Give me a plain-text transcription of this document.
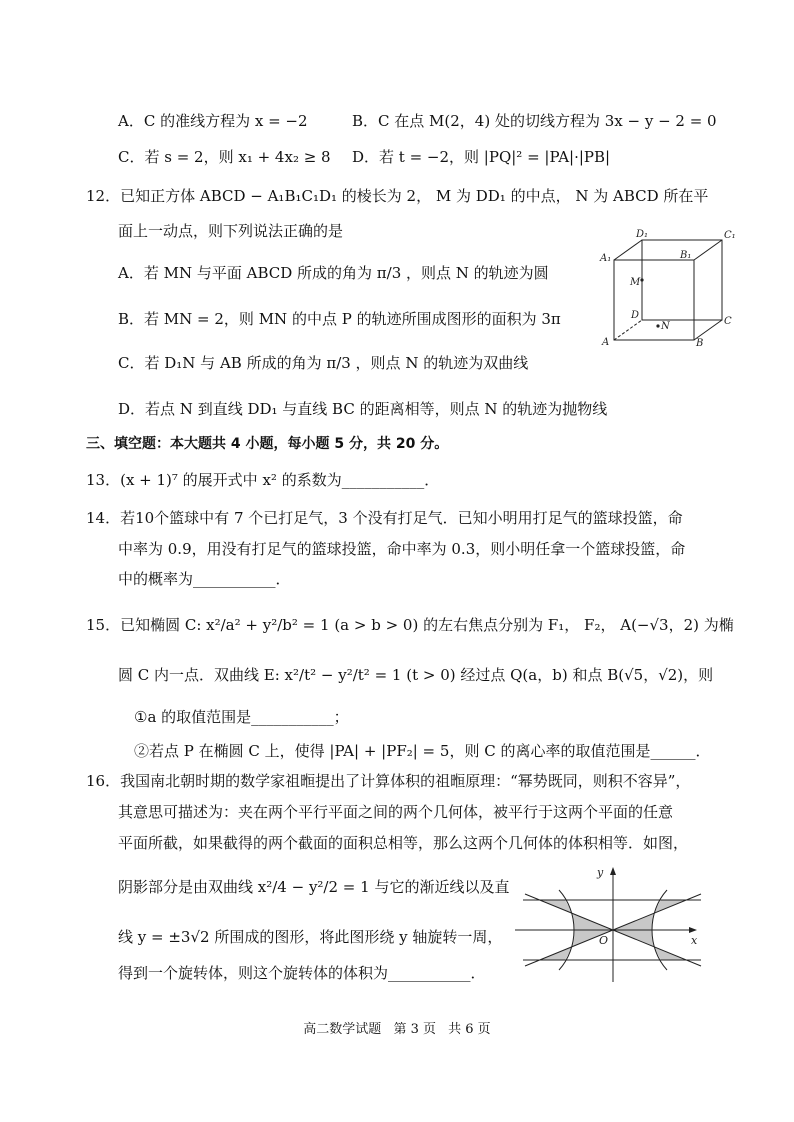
A．C 的准线方程为 x = −2	B．C 在点 M(2，4) 处的切线方程为 3x − y − 2 = 0
C．若 s = 2，则 x₁ + 4x₂ ≥ 8 D．若 t = −2，则 |PQ|² = |PA|·|PB|
12．已知正方体 ABCD − A₁B₁C₁D₁ 的棱长为 2， M 为 DD₁ 的中点， N 为 ABCD 所在平
面上一动点，则下列说法正确的是
A．若 MN 与平面 ABCD 所成的角为 π/3 ，则点 N 的轨迹为圆
B．若 MN = 2，则 MN 的中点 P 的轨迹所围成图形的面积为 3π
C．若 D₁N 与 AB 所成的角为 π/3 ，则点 N 的轨迹为双曲线
D．若点 N 到直线 DD₁ 与直线 BC 的距离相等，则点 N 的轨迹为抛物线
D₁	C₁
A₁	B₁
M
D
N	C
A	B
三、填空题：本大题共 4 小题，每小题 5 分，共 20 分。
13．(x + 1)⁷ 的展开式中 x² 的系数为___________．
14．若10个篮球中有 7 个已打足气，3 个没有打足气．已知小明用打足气的篮球投篮，命
中率为 0.9，用没有打足气的篮球投篮，命中率为 0.3，则小明任拿一个篮球投篮，命
中的概率为___________．
15．已知椭圆 C: x²/a² + y²/b² = 1 (a > b > 0) 的左右焦点分别为 F₁， F₂， A(−√3，2) 为椭
圆 C 内一点．双曲线 E: x²/t² − y²/t² = 1 (t > 0) 经过点 Q(a，b) 和点 B(√5，√2)，则
①a 的取值范围是___________；
②若点 P 在椭圆 C 上，使得 |PA| + |PF₂| = 5，则 C 的离心率的取值范围是______．
16．我国南北朝时期的数学家祖暅提出了计算体积的祖暅原理：“幂势既同，则积不容异”，
其意思可描述为：夹在两个平行平面之间的两个几何体，被平行于这两个平面的任意
平面所截，如果截得的两个截面的面积总相等，那么这两个几何体的体积相等．如图，
阴影部分是由双曲线 x²/4 − y²/2 = 1 与它的渐近线以及直
线 y = ±3√2 所围成的图形，将此图形绕 y 轴旋转一周，
得到一个旋转体，则这个旋转体的体积为___________．
y
x
O
高二数学试题 第 3 页 共 6 页
